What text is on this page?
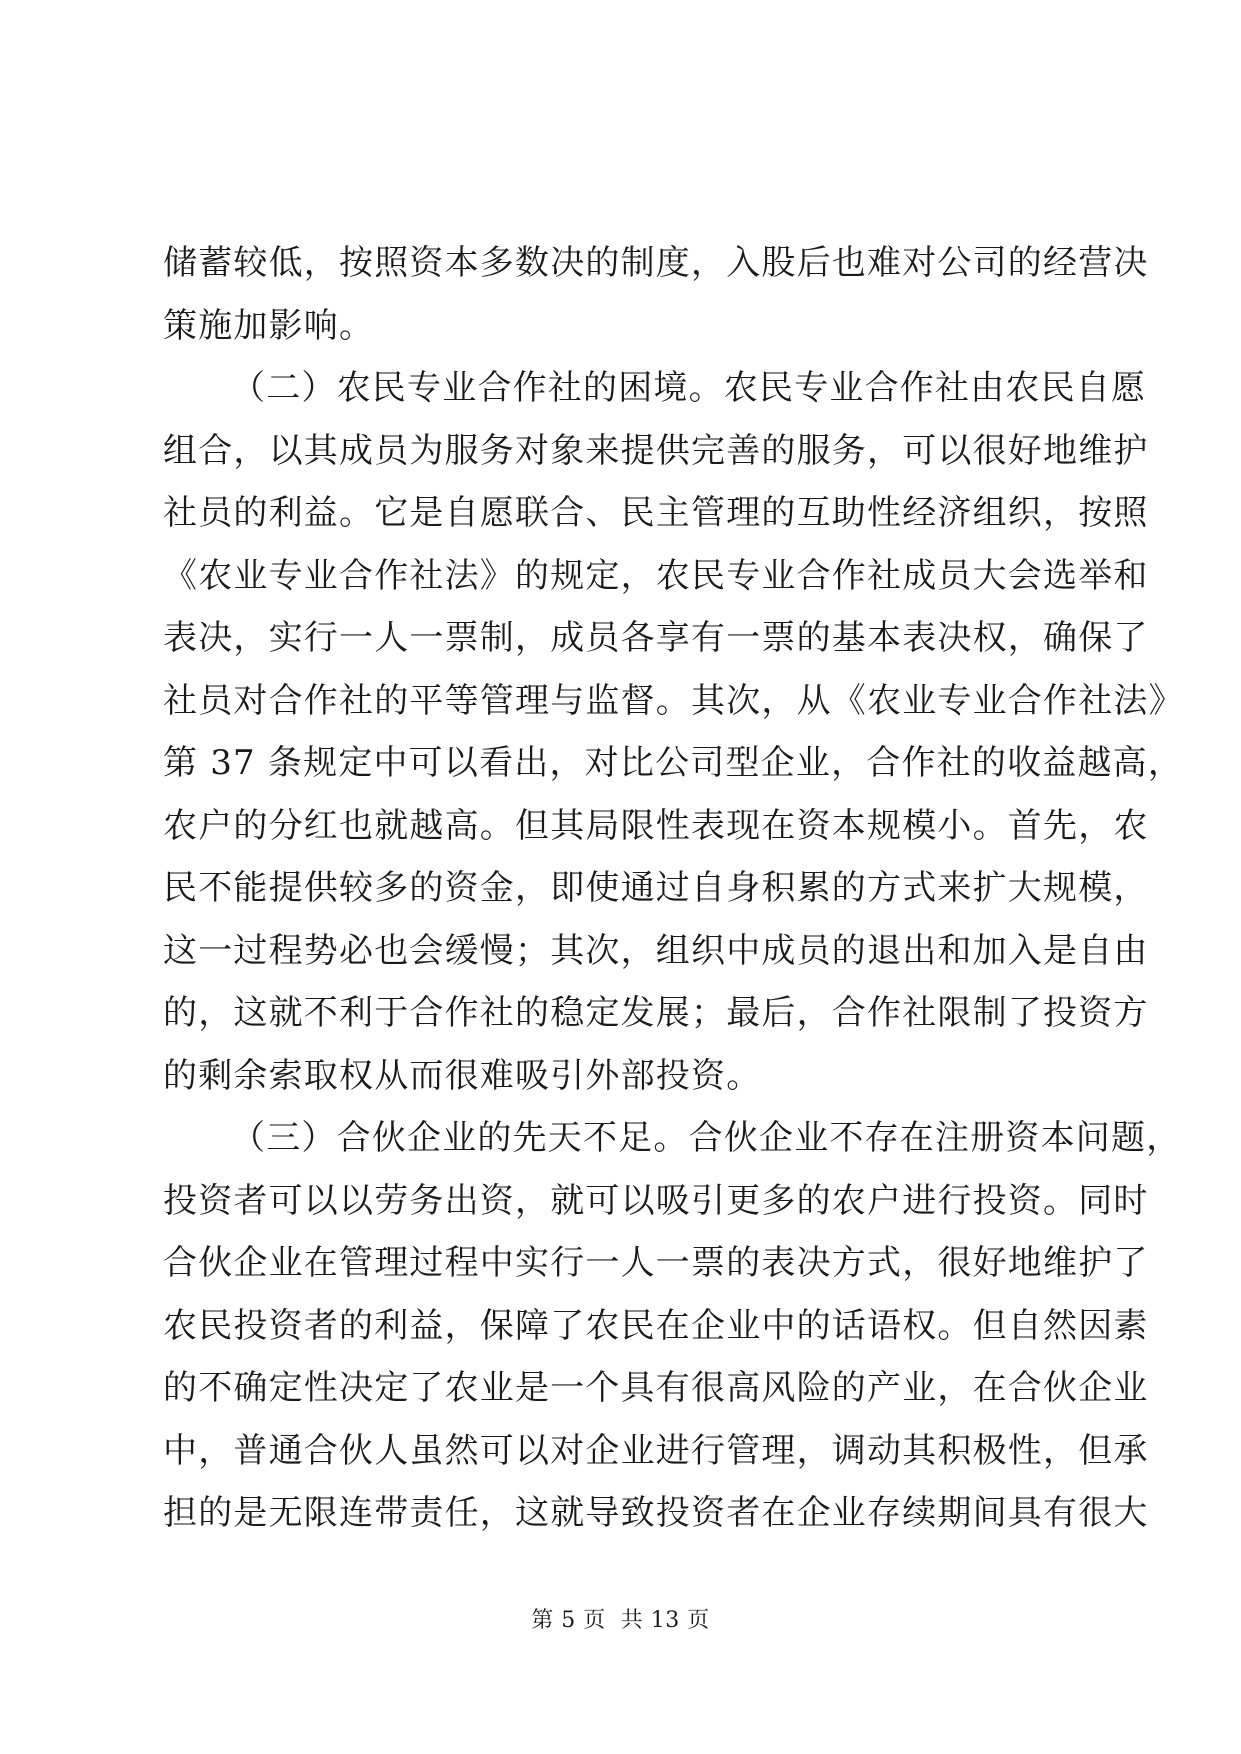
储蓄较低，按照资本多数决的制度，入股后也难对公司的经营决
策施加影响。
（二）农民专业合作社的困境。农民专业合作社由农民自愿
组合，以其成员为服务对象来提供完善的服务，可以很好地维护
社员的利益。它是自愿联合、民主管理的互助性经济组织，按照
《农业专业合作社法》的规定，农民专业合作社成员大会选举和
表决，实行一人一票制，成员各享有一票的基本表决权，确保了
社员对合作社的平等管理与监督。其次，从《农业专业合作社法》
第 37 条规定中可以看出，对比公司型企业，合作社的收益越高，
农户的分红也就越高。但其局限性表现在资本规模小。首先，农
民不能提供较多的资金，即使通过自身积累的方式来扩大规模，
这一过程势必也会缓慢；其次，组织中成员的退出和加入是自由
的，这就不利于合作社的稳定发展；最后，合作社限制了投资方
的剩余索取权从而很难吸引外部投资。
（三）合伙企业的先天不足。合伙企业不存在注册资本问题，
投资者可以以劳务出资，就可以吸引更多的农户进行投资。同时
合伙企业在管理过程中实行一人一票的表决方式，很好地维护了
农民投资者的利益，保障了农民在企业中的话语权。但自然因素
的不确定性决定了农业是一个具有很高风险的产业，在合伙企业
中，普通合伙人虽然可以对企业进行管理，调动其积极性，但承
担的是无限连带责任，这就导致投资者在企业存续期间具有很大
第 5 页  共 13 页
